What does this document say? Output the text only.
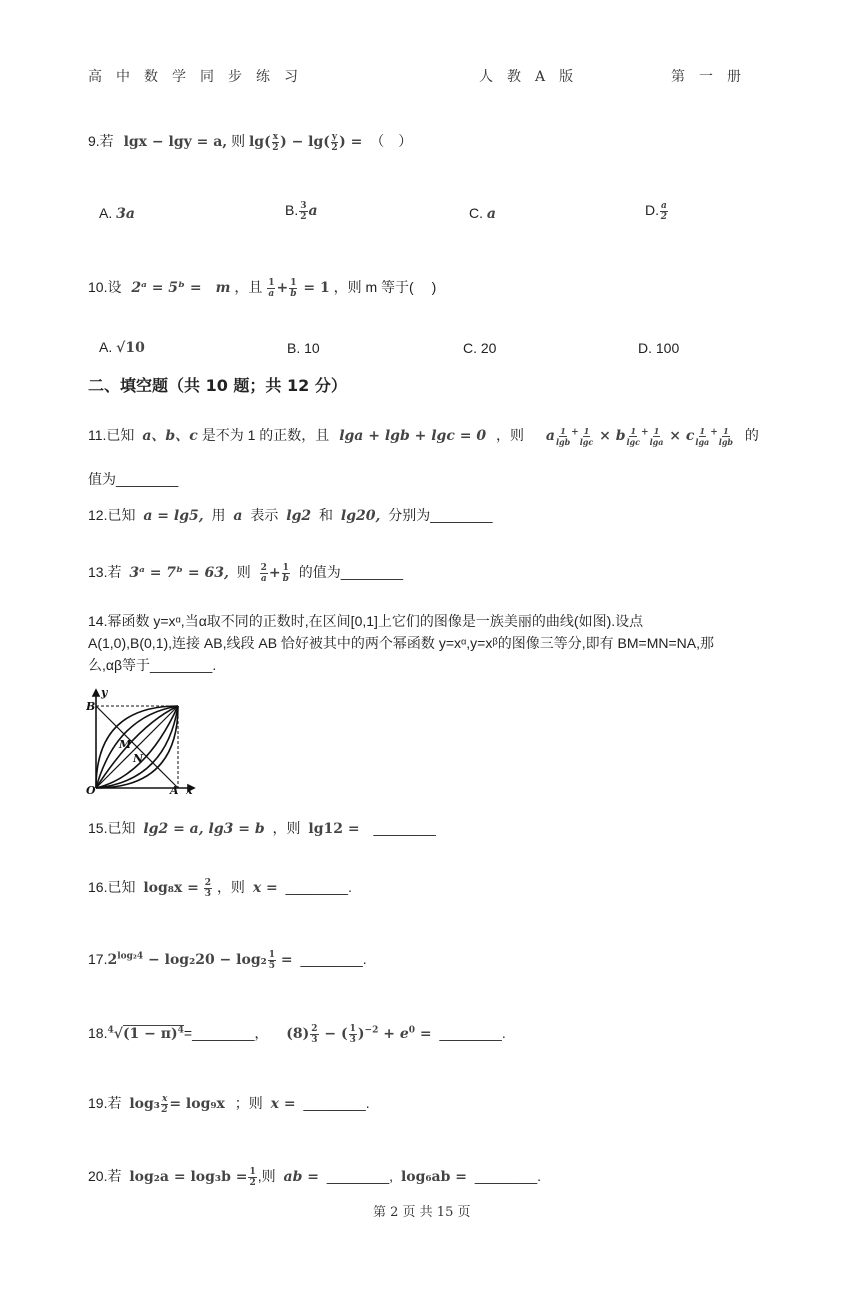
高　中　数　学　同　步　练　习	人　教　A　版	第　一　册
9.若 lgx − lgy = a, 则 $\lg( \frac{x}{2}$ ) − $\lg( \frac{y}{2}$ ) = （　）
A. 3a	B. $\frac{3}{2}$ a	C. a	D. $\frac{a}{2}$
10.设 2ᵃ = 5ᵇ =　m ，且 $\frac{1}{a} + \frac{1}{b} = 1$ ，则 m 等于(　 )
A. √10	B. 10	C. 20	D. 100
二、填空题（共 10 题；共 12 分）
11.已知 a、b、c 是不为 1 的正数，且 lga + lgb + lgc = 0 ，则 a $\frac{1}{\lg b} ^+ \frac{1}{\lg c} \times b \frac{1}{\lg c} ^+ \frac{1}{\lg a} \times c \frac{1}{\lg a} ^+ \frac{1}{\lg b}$ 的
值为________
12.已知 a = lg5, 用 a 表示 lg2 和 lg20, 分别为________
13.若 3ᵃ = 7ᵇ = 63, 则 $\frac{2}{a} + \frac{1}{b}$ 的值为________
14.幂函数 y=xᵅ,当α取不同的正数时,在区间[0,1]上它们的图像是一族美丽的曲线(如图).设点
A(1,0),B(0,1),连接 AB,线段 AB 恰好被其中的两个幂函数 y=xᵅ,y=xᵝ的图像三等分,即有 BM=MN=NA,那
么,αβ等于________.
y
B
O	A x
M
N
15.已知 lg2 = a, lg3 = b ，则 lg12 = ________
16.已知 $\log_8x = \frac{2}{3}$ ，则 x = ________.
$17.2^{log_24} - \log_220 - \log_2 \frac{1}{5}$ = ________.
$18.^4√(1 - \pi)^4=\_\_\_\_\_\_\_\_$， $(8) \frac{2}{3}$ − ( $\frac{1}{3} )^{-2} + e^0$ = ________.
19.若 $\log_3 \frac{x}{2} = \log_9x$ ；则 x = ________.
20.若 $\log_2a = \log_3b = \frac{1}{2}$ ,则 ab = ________, log₆ab = ________.
第 2 页 共 15 页
